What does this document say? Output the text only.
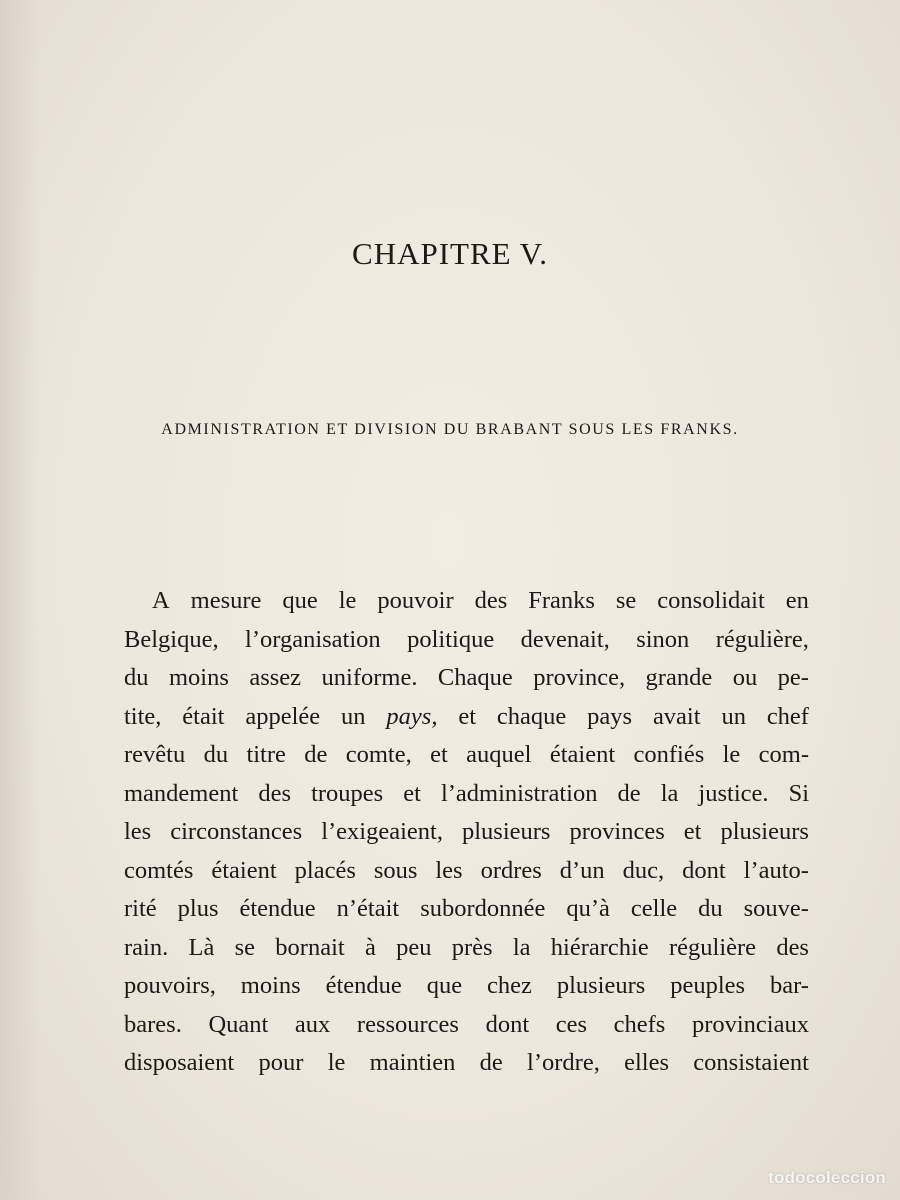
CHAPITRE V.
ADMINISTRATION ET DIVISION DU BRABANT SOUS LES FRANKS.
A mesure que le pouvoir des Franks se consolidait en
Belgique, l’organisation politique devenait, sinon régulière,
du moins assez uniforme. Chaque province, grande ou pe-
tite, était appelée un pays, et chaque pays avait un chef
revêtu du titre de comte, et auquel étaient confiés le com-
mandement des troupes et l’administration de la justice. Si
les circonstances l’exigeaient, plusieurs provinces et plusieurs
comtés étaient placés sous les ordres d’un duc, dont l’auto-
rité plus étendue n’était subordonnée qu’à celle du souve-
rain. Là se bornait à peu près la hiérarchie régulière des
pouvoirs, moins étendue que chez plusieurs peuples bar-
bares. Quant aux ressources dont ces chefs provinciaux
disposaient pour le maintien de l’ordre, elles consistaient
todocoleccion
